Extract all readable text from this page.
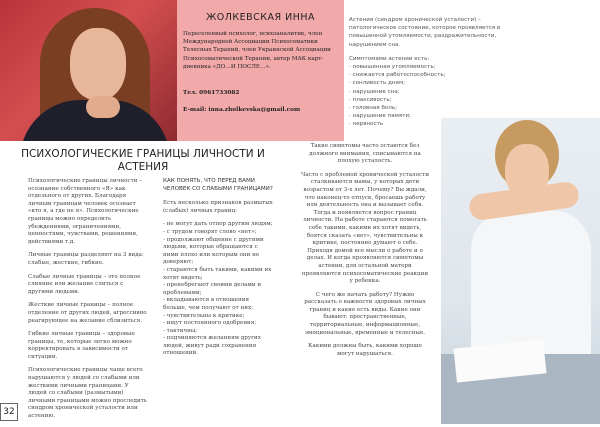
ЖОЛКЕВСКАЯ ИННА
Переселенный психолог, психоаналитик, член Международной Ассоциации Психосоматики Телесных Терапий, член Украинской Ассоциации Психосоматической Терапии, автор МАК карт-дневника «ДО…И ПОСЛЕ…».
Тел. 0961733082
E-mail: inna.zholkevska@gmail.com

Астения (синдром хронической усталости) – патологическое состояние, которое проявляется в повышенной утомляемости, раздражительности, нарушением сна.

Симптомами астении есть:
· повышенная утомляемость;
· снижается работоспособность;
· сонливость днем;
· нарушение сна;
· плаксивость;
· головная боль;
· нарушение памяти;
· нервность
ПСИХОЛОГИЧЕСКИЕ ГРАНИЦЫ ЛИЧНОСТИ И АСТЕНИЯ

Психологические границы личности – осознание собственного «Я» как отдельного от других. Благодаря личным границам человек осознает «кто я, а где не я». Психологические границы можно определить убеждениями, ограничениями, ценностями, чувствами, решениями, действиями т.д.

Личные границы разделяют на 3 вида: слабые, жесткие, гибкие.

Слабые личные границы – это полное слияние или желание слиться с другими людьми.

Жесткие личные границы – полное отделение от других людей, агрессивно реагирующее на желание сблизиться.

Гибкие личные границы – здоровые границы, те, которые легко можно корректировать в зависимости от ситуации.

Психологические границы чаще всего нарушаются у людей со слабыми или жесткими личными границами. У людей со слабыми (размытыми) личными границами можно проследить синдром хронической усталости или астению.

КАК ПОНЯТЬ, ЧТО ПЕРЕД ВАМИ ЧЕЛОВЕК СО СЛАБЫМИ ГРАНИЦАМИ?

Есть несколько признаков размытых (слабых) личных границ:

- не могут дать отпор другим людям;
- с трудом говорят слово «нет»;
- продолжают общение с другими людьми, которые обращаются с ними плохо или которым они не доверяют;
- стараются быть такими, какими их хотят видеть;
- пренебрегают своими делами и проблемами;
- вкладываются в отношения больше, чем получают от них;
- чувствительны к критике;
- ищут постоянного одобрения;
- тактичны;
- подчиняются желаниям других людей, живут ради сохранения отношений.

Такие симптомы часто остаются без должного внимания, списываются на плохую усталость.

Часто с проблемой хронической усталости сталкиваются мамы, у которых дети возрастом от 3-х лет. Почему? Вы ждали, что наконец-то отпуск, бросаешь работу или деятельность она и вызывает себя. Тогда и появляется вопрос границ личности. На работе стараются помогать себе такими, какими их хотят видеть, боятся сказать «нет», чувствительны к критике, постоянно думают о себе. Приходя домой все мысли о работе и о делах. И когда проявляются симптомы астении, для остальной матери проявляются психосоматические реакции у ребенка.

С чего же начать работу? Нужно рассказать о важности здоровых личных границ и какие есть виды. Какие они бывают: пространственные, территориальные, информационные, эмоциональные, временные и телесные.

Какими должны быть, какими хорошо могут нарушаться.

32
